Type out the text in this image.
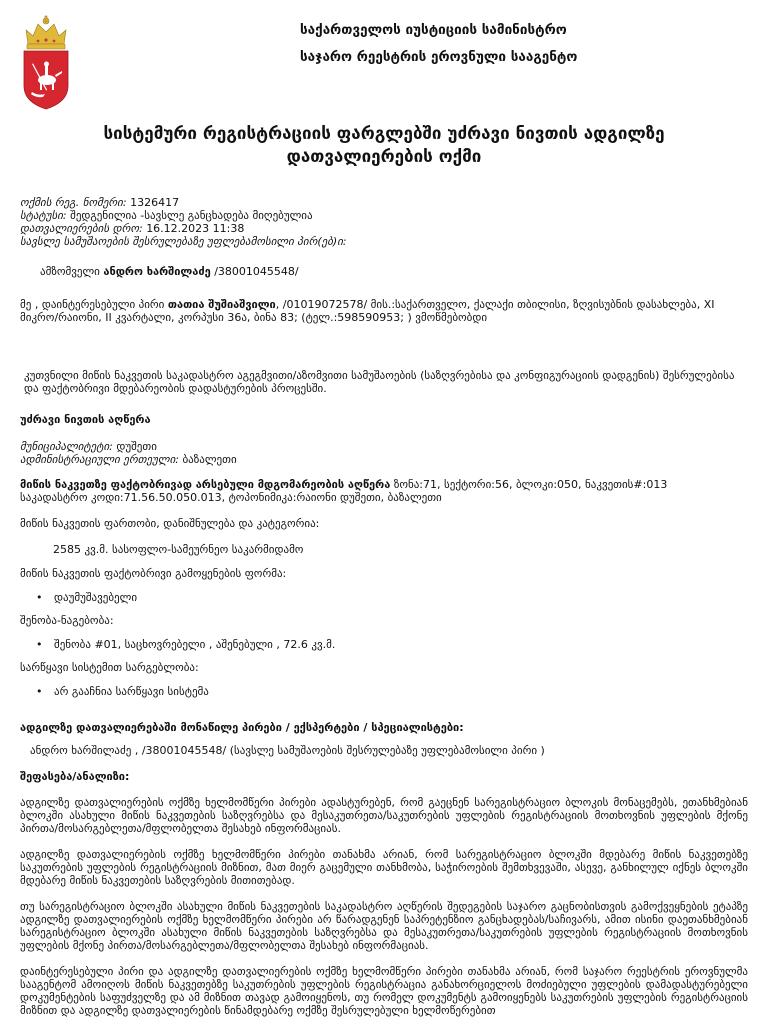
საქართველოს იუსტიციის სამინისტრო
საჯარო რეესტრის ეროვნული სააგენტო
სისტემური რეგისტრაციის ფარგლებში უძრავი ნივთის ადგილზე
დათვალიერების ოქმი
ოქმის რეგ. ნომერი: 1326417
სტატუსი: შედგენილია -სავსლე განცხადება მიღებულია
დათვალიერების დრო: 16.12.2023 11:38
სავსლე სამუშაოების შესრულებაზე უფლებამოსილი პირ(ებ)ი:
ამზომველი ანდრო ხარშილაძე /38001045548/
მე , დაინტერესებული პირი თათია შუშიაშვილი, /01019072578/ მის.:საქართველო, ქალაქი თბილისი, ზღვისუბნის დასახლება, XI მიკრო/რაიონი, II კვარტალი, კორპუსი 36ა, ბინა 83; (ტელ.:598590953; ) ვმოწმებობდი
კუთვნილი მიწის ნაკვეთის საკადასტრო აგეგმვითი/აზომვითი სამუშაოების (საზღვრებისა და კონფიგურაციის დადგენის) შესრულებისა და ფაქტობრივი მდებარეობის დადასტურების პროცესში.
უძრავი ნივთის აღწერა
მუნიციპალიტეტი: დუშეთი
ადმინისტრაციული ერთეული: ბაზალეთი
მიწის ნაკვეთზე ფაქტობრივად არსებული მდგომარეობის აღწერა ზონა:71, სექტორი:56, ბლოკი:050, ნაკვეთის#:013
საკადასტრო კოდი:71.56.50.050.013, ტოპონიმიკა:რაიონი დუშეთი, ბაზალეთი
მიწის ნაკვეთის ფართობი, დანიშნულება და კატეგორია:
2585 კვ.მ. სასოფლო-სამეურნეო საკარმიდამო
მიწის ნაკვეთის ფაქტობრივი გამოყენების ფორმა:
• დაუმუშავებელი
შენობა-ნაგებობა:
• შენობა #01, საცხოვრებელი , აშენებული , 72.6 კვ.მ.
სარწყავი სისტემით სარგებლობა:
• არ გააჩნია სარწყავი სისტემა
ადგილზე დათვალიერებაში მონაწილე პირები / ექსპერტები / სპეციალისტები:
ანდრო ხარშილაძე , /38001045548/ (სავსლე სამუშაოების შესრულებაზე უფლებამოსილი პირი )
შეფასება/ანალიზი:
ადგილზე დათვალიერების ოქმზე ხელმომწერი პირები ადასტურებენ, რომ გაეცნენ სარეგისტრაციო ბლოკის მონაცემებს, ეთანხმებიან ბლოკში ასახული მიწის ნაკვეთების საზღვრებსა და მესაკუთრეთა/საკუთრების უფლების რეგისტრაციის მოთხოვნის უფლების მქონე პირთა/მოსარგებლეთა/მფლობელთა შესახებ ინფორმაციას.
ადგილზე დათვალიერების ოქმზე ხელმომწერი პირები თანახმა არიან, რომ სარეგისტრაციო ბლოკში მდებარე მიწის ნაკვეთებზე საკუთრების უფლების რეგისტრაციის მიზნით, მათ მიერ გაცემული თანხმობა, საჭიროების შემთხვევაში, ასევე, განხილულ იქნეს ბლოკში მდებარე მიწის ნაკვეთების საზღვრების მითითებად.
თუ სარეგისტრაციო ბლოკში ასახული მიწის ნაკვეთების საკადასტრო აღწერის შედეგების საჯარო გაცნობისთვის გამოქვეყნების ეტაპზე ადგილზე დათვალიერების ოქმზე ხელმომწერი პირები არ წარადგენენ საპრეტენზიო განცხადებას/საჩივარს, ამით ისინი დაეთანხმებიან სარეგისტრაციო ბლოკში ასახული მიწის ნაკვეთების საზღვრებსა და მესაკუთრეთა/საკუთრების უფლების რეგისტრაციის მოთხოვნის უფლების მქონე პირთა/მოსარგებლეთა/მფლობელთა შესახებ ინფორმაციას.
დაინტერესებული პირი და ადგილზე დათვალიერების ოქმზე ხელმომწერი პირები თანახმა არიან, რომ საჯარო რეესტრის ეროვნულმა სააგენტომ ამოიღოს მიწის ნაკვეთებზე საკუთრების უფლების რეგისტრაცია განახორციელოს მოძიებული უფლების დამადასტურებელი დოკუმენტების საფუძველზე და ამ მიზნით თავად გამოიყენოს, თუ რომელ დოკუმენტს გამოიყენებს საკუთრების უფლების რეგისტრაციის მიზნით და ადგილზე დათვალიერების წინამდებარე ოქმზე შესრულებული ხელმოწერებით
